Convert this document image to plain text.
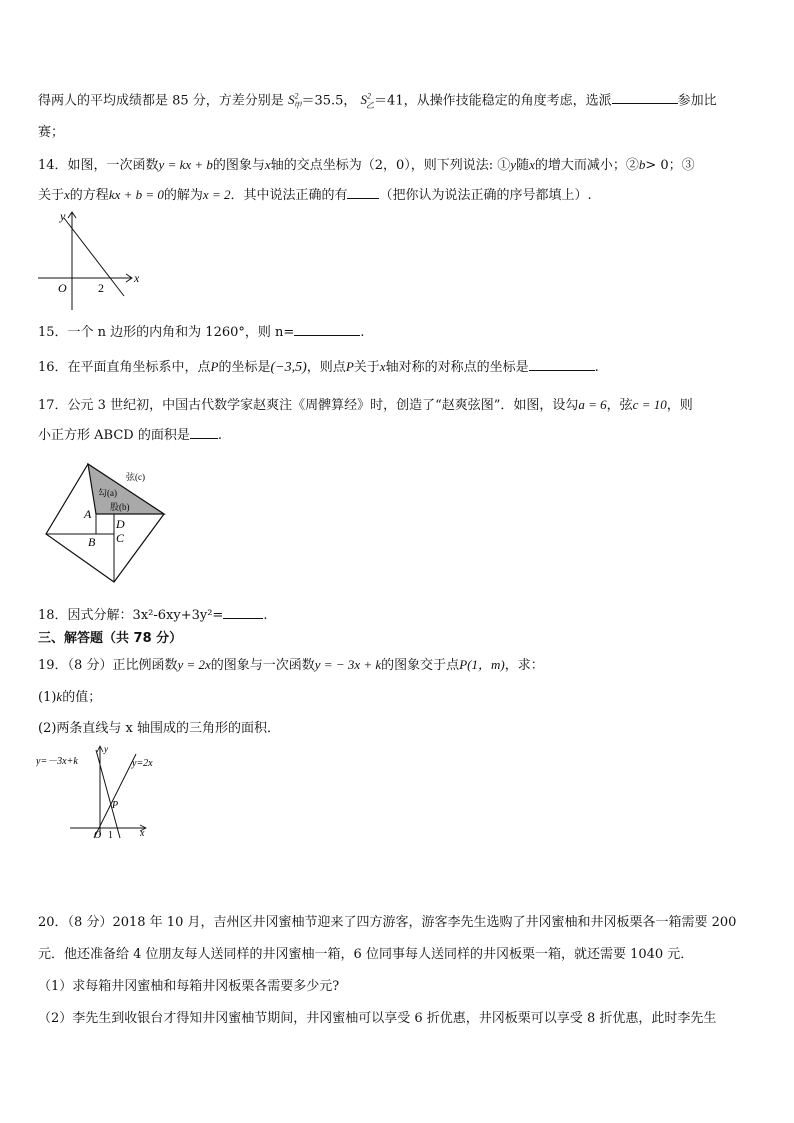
得两人的平均成绩都是 85 分，方差分别是 $S^2_甲=35.5$， $S^2_乙=41$，从操作技能稳定的角度考虑，选派	参加比
赛；
14．如图，一次函数y = kx + b的图象与x轴的交点坐标为（2，0），则下列说法: ①y随x的增大而减小；②b> 0；③
关于x的方程kx + b = 0的解为x = 2．其中说法正确的有 （把你认为说法正确的序号都填上）.
y
x
O	2
15．一个 n 边形的内角和为 1260°，则 n=	.
16．在平面直角坐标系中，点P的坐标是(−3,5)，则点P关于x轴对称的对称点的坐标是	.
17．公元 3 世纪初，中国古代数学家赵爽注《周髀算经》时，创造了“赵爽弦图”．如图，设勾a = 6，弦c = 10，则
小正方形 ABCD 的面积是 .
弦(c)
勾(a)
股(b)
A
D
B C
18．因式分解：3x²-6xy+3y²=	.
三、解答题（共 78 分）
19．（8 分）正比例函数y = 2x的图象与一次函数y = − 3x + k的图象交于点P(1，m)，求：
(1)k的值；
(2)两条直线与 x 轴围成的三角形的面积．
y=－3x+k	y=2x
y
x
P
O 1
20．（8 分）2018 年 10 月，吉州区井冈蜜柚节迎来了四方游客，游客李先生选购了井冈蜜柚和井冈板栗各一箱需要 200
元．他还准备给 4 位朋友每人送同样的井冈蜜柚一箱，6 位同事每人送同样的井冈板栗一箱，就还需要 1040 元．
（1）求每箱井冈蜜柚和每箱井冈板栗各需要多少元?
（2）李先生到收银台才得知井冈蜜柚节期间，井冈蜜柚可以享受 6 折优惠，井冈板栗可以享受 8 折优惠，此时李先生
